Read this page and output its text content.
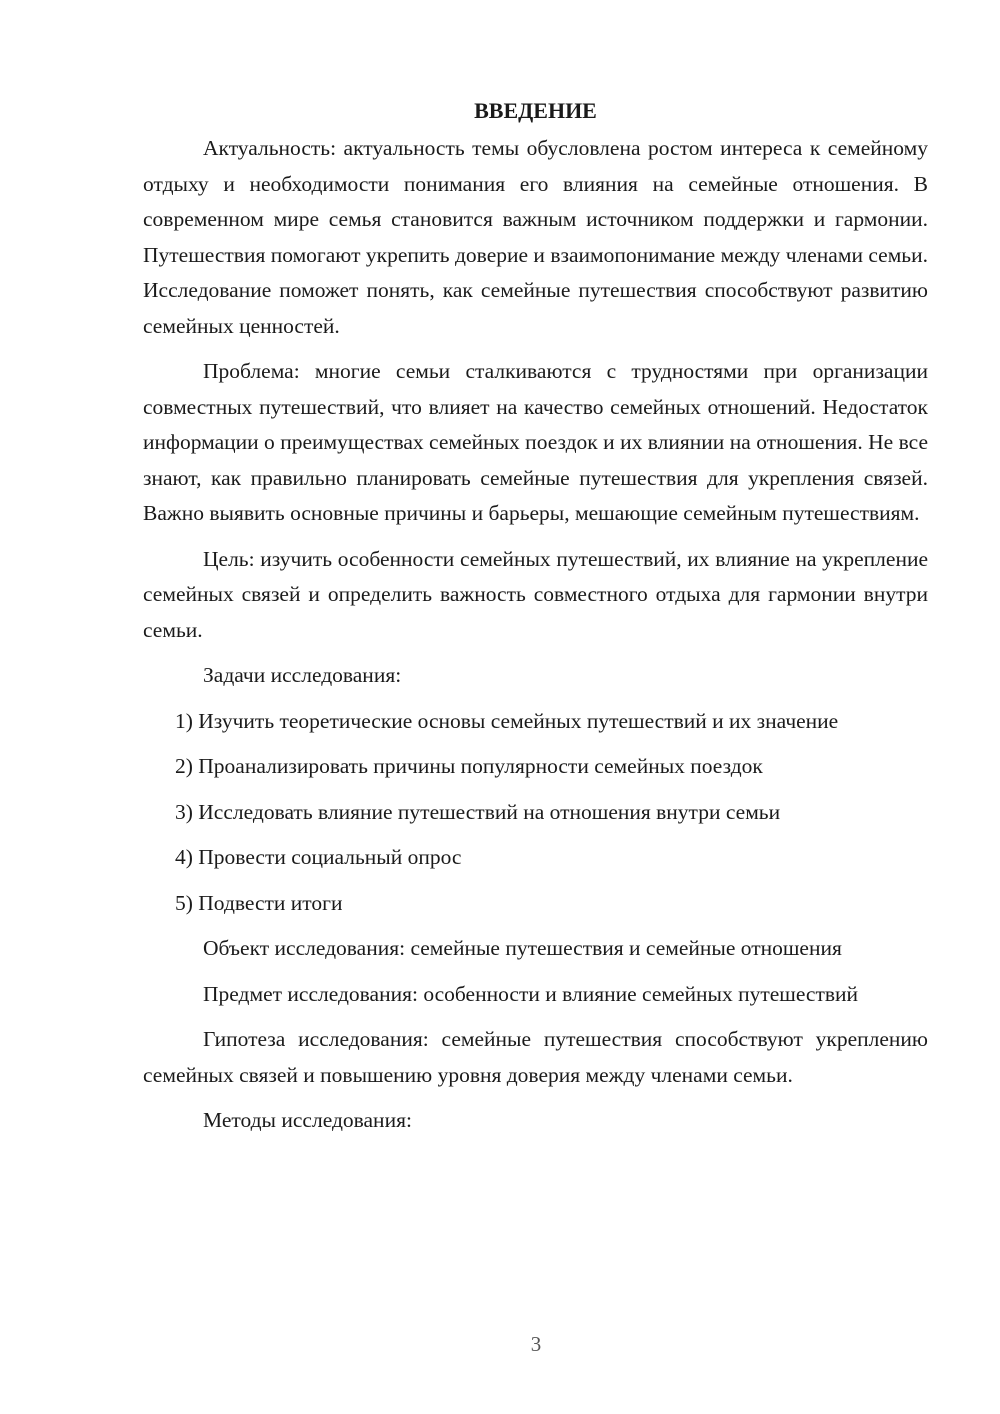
ВВЕДЕНИЕ

Актуальность: актуальность темы обусловлена ростом интереса к семейному отдыху и необходимости понимания его влияния на семейные отношения. В современном мире семья становится важным источником поддержки и гармонии. Путешествия помогают укрепить доверие и взаимопонимание между членами семьи. Исследование поможет понять, как семейные путешествия способствуют развитию семейных ценностей.

Проблема: многие семьи сталкиваются с трудностями при организации совместных путешествий, что влияет на качество семейных отношений. Недостаток информации о преимуществах семейных поездок и их влиянии на отношения. Не все знают, как правильно планировать семейные путешествия для укрепления связей. Важно выявить основные причины и барьеры, мешающие семейным путешествиям.

Цель: изучить особенности семейных путешествий, их влияние на укрепление семейных связей и определить важность совместного отдыха для гармонии внутри семьи.

Задачи исследования:

1) Изучить теоретические основы семейных путешествий и их значение
2) Проанализировать причины популярности семейных поездок
3) Исследовать влияние путешествий на отношения внутри семьи
4) Провести социальный опрос
5) Подвести итоги

Объект исследования: семейные путешествия и семейные отношения

Предмет исследования: особенности и влияние семейных путешествий

Гипотеза исследования: семейные путешествия способствуют укреплению семейных связей и повышению уровня доверия между членами семьи.

Методы исследования:

3
